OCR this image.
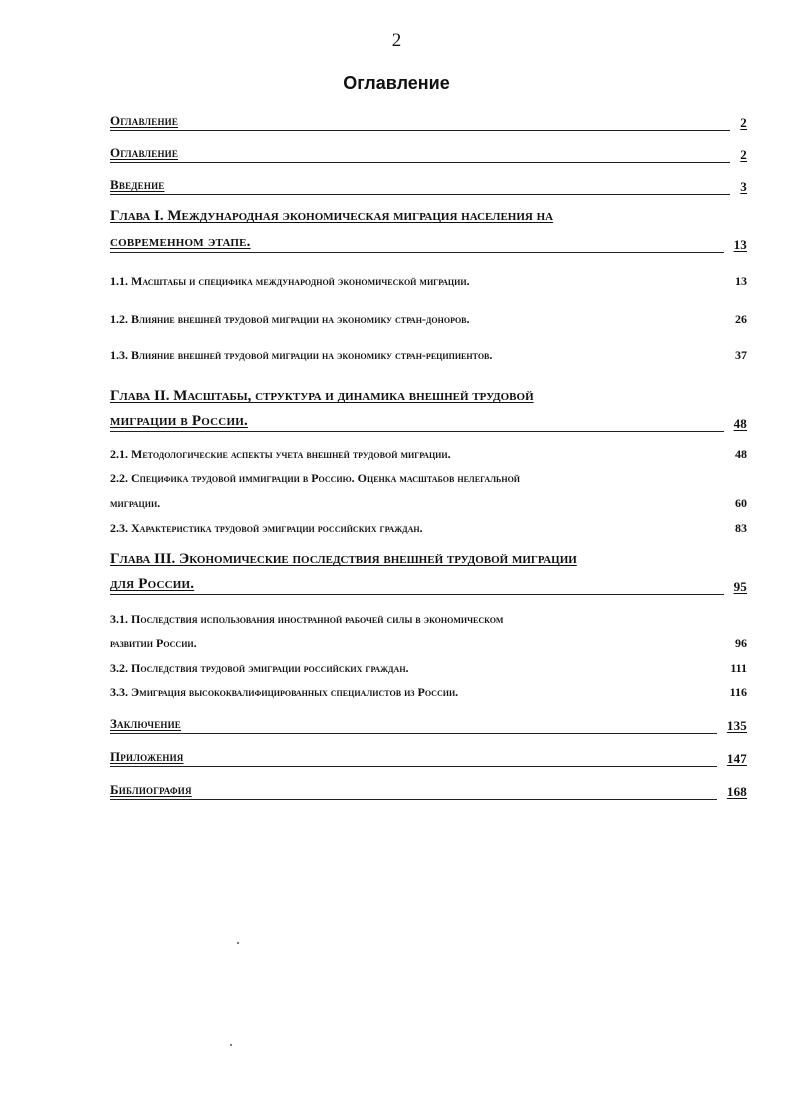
2
Оглавление
Оглавление	2
Оглавление	2
Введение	3
Глава I. Международная экономическая миграция населения на
современном этапе.	13
1.1. Масштабы и специфика международной экономической миграции.	13
1.2. Влияние внешней трудовой миграции на экономику стран-доноров.	26
1.3. Влияние внешней трудовой миграции на экономику стран-реципиентов.	37
Глава II. Масштабы, структура и динамика внешней трудовой
миграции в России.	48
2.1. Методологические аспекты учета внешней трудовой миграции.	48
2.2. Специфика трудовой иммиграции в Россию. Оценка масштабов нелегальной
миграции.	60
2.3. Характеристика трудовой эмиграции российских граждан.	83
Глава III. Экономические последствия внешней трудовой миграции
для России.	95
3.1. Последствия использования иностранной рабочей силы в экономическом
развитии России.	96
3.2. Последствия трудовой эмиграции российских граждан.	111
3.3. Эмиграция высококвалифицированных специалистов из России.	116
Заключение	135
Приложения	147
Библиография	168
